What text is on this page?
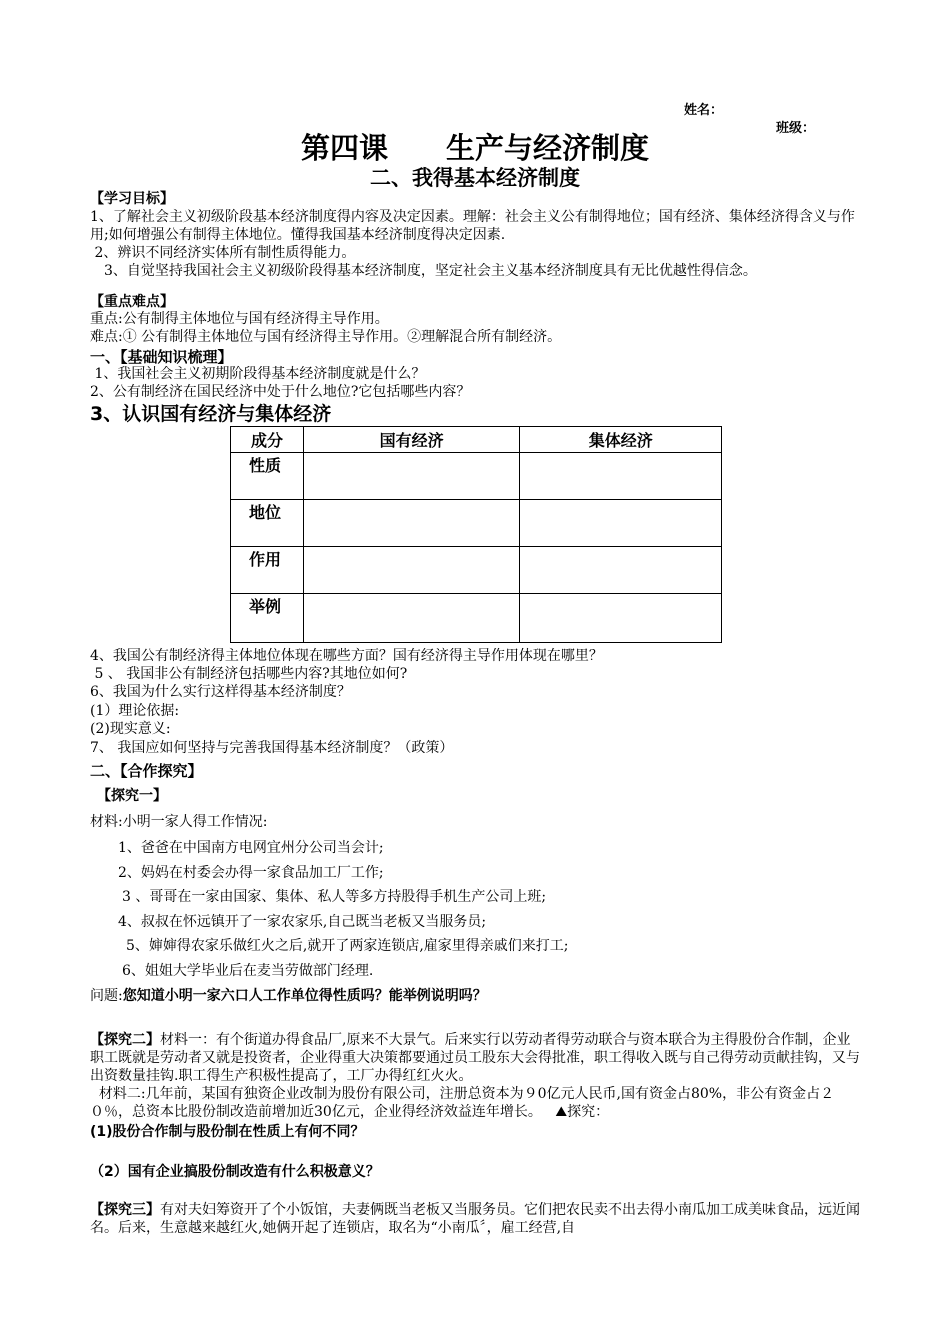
姓名：
班级：
第四课　　生产与经济制度
二、我得基本经济制度
【学习目标】
1、了解社会主义初级阶段基本经济制度得内容及决定因素。理解：社会主义公有制得地位；国有经济、集体经济得含义与作用;如何增强公有制得主体地位。懂得我国基本经济制度得决定因素.
2、辨识不同经济实体所有制性质得能力。
　3、自觉坚持我国社会主义初级阶段得基本经济制度，坚定社会主义基本经济制度具有无比优越性得信念。
【重点难点】
重点:公有制得主体地位与国有经济得主导作用。
难点:① 公有制得主体地位与国有经济得主导作用。②理解混合所有制经济。
一、【基础知识梳理】
1、我国社会主义初期阶段得基本经济制度就是什么？
2、公有制经济在国民经济中处于什么地位?它包括哪些内容？
3、认识国有经济与集体经济
成分	国有经济	集体经济
性质		
地位		
作用		
举例		
4、我国公有制经济得主体地位体现在哪些方面？国有经济得主导作用体现在哪里？
5 、 我国非公有制经济包括哪些内容?其地位如何?
6、我国为什么实行这样得基本经济制度？
(1）理论依据:
(2)现实意义:
7、 我国应如何坚持与完善我国得基本经济制度？（政策）
二、【合作探究】
【探究一】
材料:小明一家人得工作情况:
1、爸爸在中国南方电网宜州分公司当会计;
2、妈妈在村委会办得一家食品加工厂工作;
3 、哥哥在一家由国家、集体、私人等多方持股得手机生产公司上班;
4、叔叔在怀远镇开了一家农家乐,自己既当老板又当服务员;
5、婶婶得农家乐做红火之后,就开了两家连锁店,雇家里得亲戚们来打工;
6、姐姐大学毕业后在麦当劳做部门经理.
问题:您知道小明一家六口人工作单位得性质吗？能举例说明吗？
【探究二】材料一：有个街道办得食品厂,原来不大景气。后来实行以劳动者得劳动联合与资本联合为主得股份合作制，企业职工既就是劳动者又就是投资者，企业得重大决策都要通过员工股东大会得批准，职工得收入既与自己得劳动贡献挂钩，又与出资数量挂钩.职工得生产积极性提高了，工厂办得红红火火。
材料二:几年前，某国有独资企业改制为股份有限公司，注册总资本为９0亿元人民币,国有资金占80%，非公有资金占２０％，总资本比股份制改造前增加近30亿元，企业得经济效益连年增长。ﾠ⛰探究：
(1)股份合作制与股份制在性质上有何不同？
（2）国有企业搞股份制改造有什么积极意义？
【探究三】有对夫妇筹资开了个小饭馆，夫妻俩既当老板又当服务员。它们把农民卖不出去得小南瓜加工成美味食品，远近闻名。后来，生意越来越红火,她俩开起了连锁店，取名为“小南瓜〞，雇工经营,自
